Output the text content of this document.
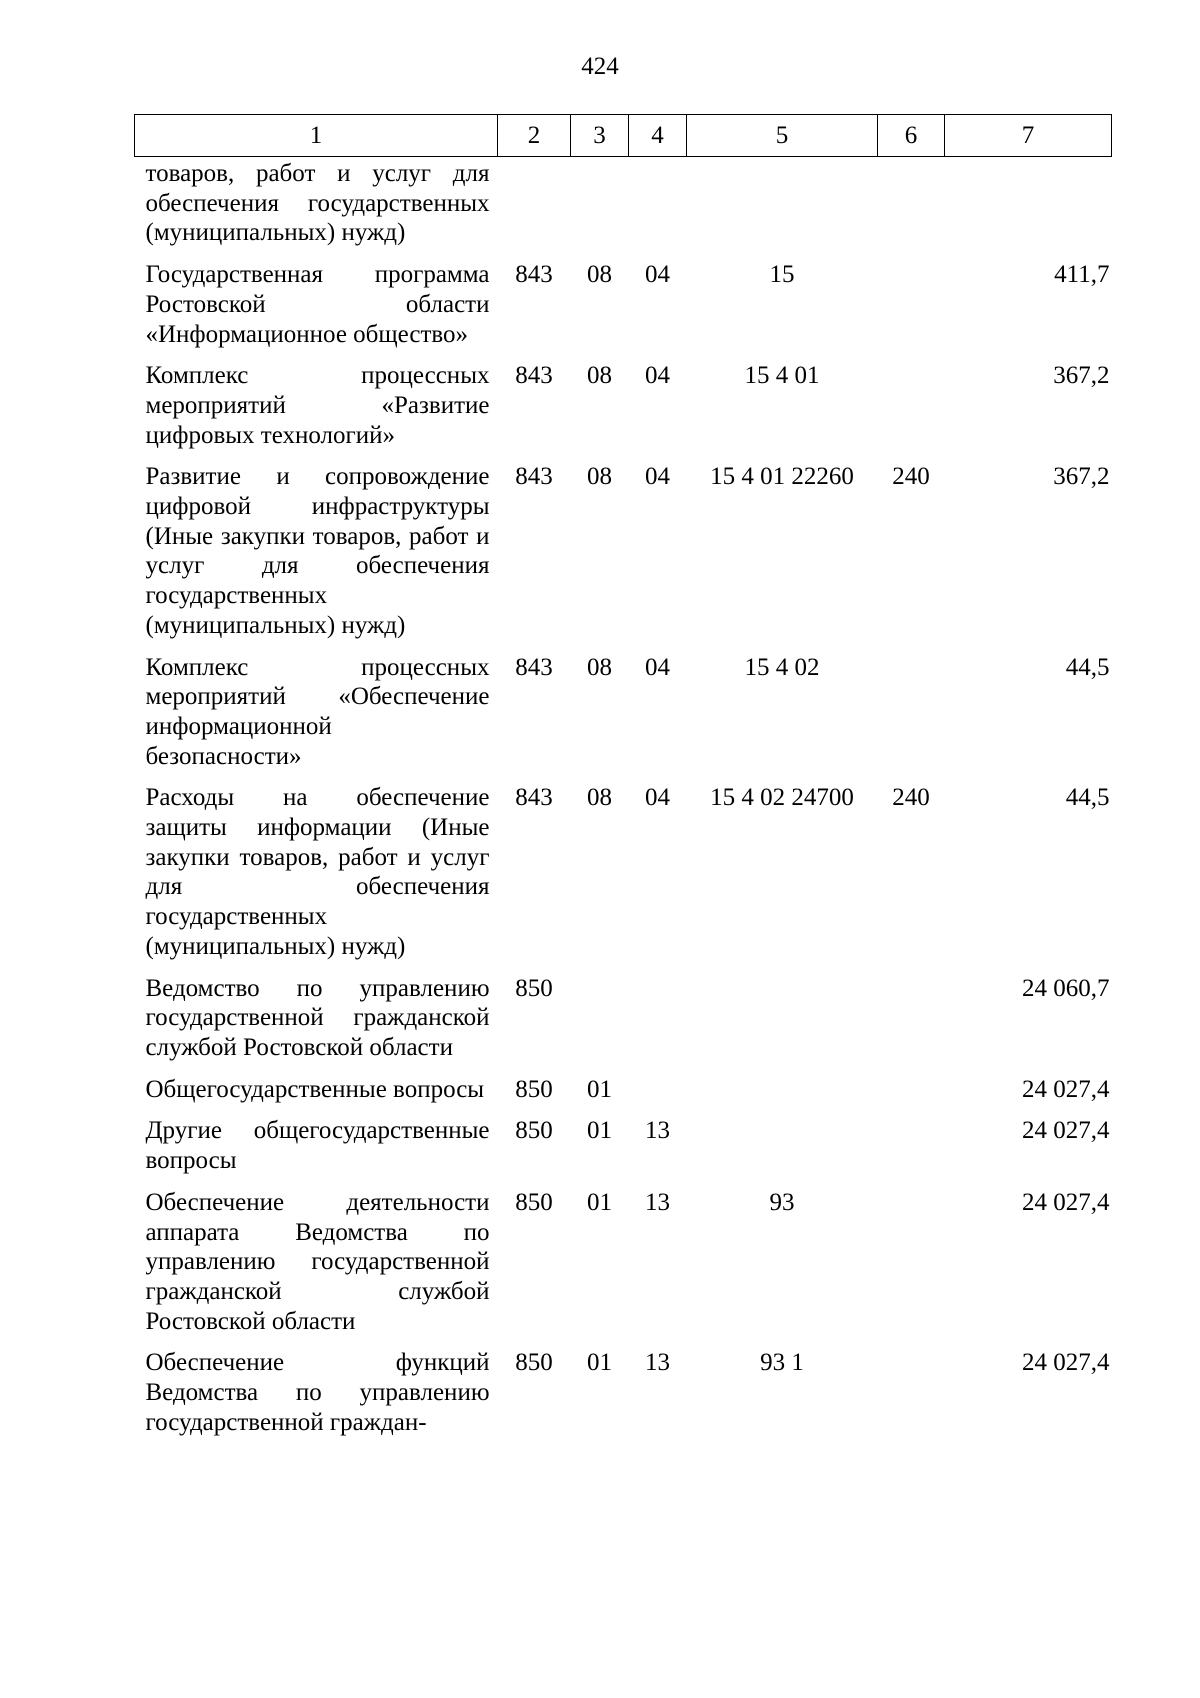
424
1	2	3	4	5	6	7
товаров, работ и услуг для обеспечения государственных (муниципальных) нужд)						
Государственная программа Ростовской области «Информационное общество»	843	08	04	15		411,7
Комплекс процессных мероприятий «Развитие цифровых технологий»	843	08	04	15 4 01		367,2
Развитие и сопровождение цифровой инфраструктуры (Иные закупки товаров, работ и услуг для обеспечения государственных (муниципальных) нужд)	843	08	04	15 4 01 22260	240	367,2
Комплекс процессных мероприятий «Обеспечение информационной безопасности»	843	08	04	15 4 02		44,5
Расходы на обеспечение защиты информации (Иные закупки товаров, работ и услуг для обеспечения государственных (муниципальных) нужд)	843	08	04	15 4 02 24700	240	44,5
Ведомство по управлению государственной гражданской службой Ростовской области	850					24 060,7
Общегосударственные вопросы	850	01				24 027,4
Другие общегосударственные вопросы	850	01	13			24 027,4
Обеспечение деятельности аппарата Ведомства по управлению государственной гражданской службой Ростовской области	850	01	13	93		24 027,4
Обеспечение функций Ведомства по управлению государственной граждан-	850	01	13	93 1		24 027,4
